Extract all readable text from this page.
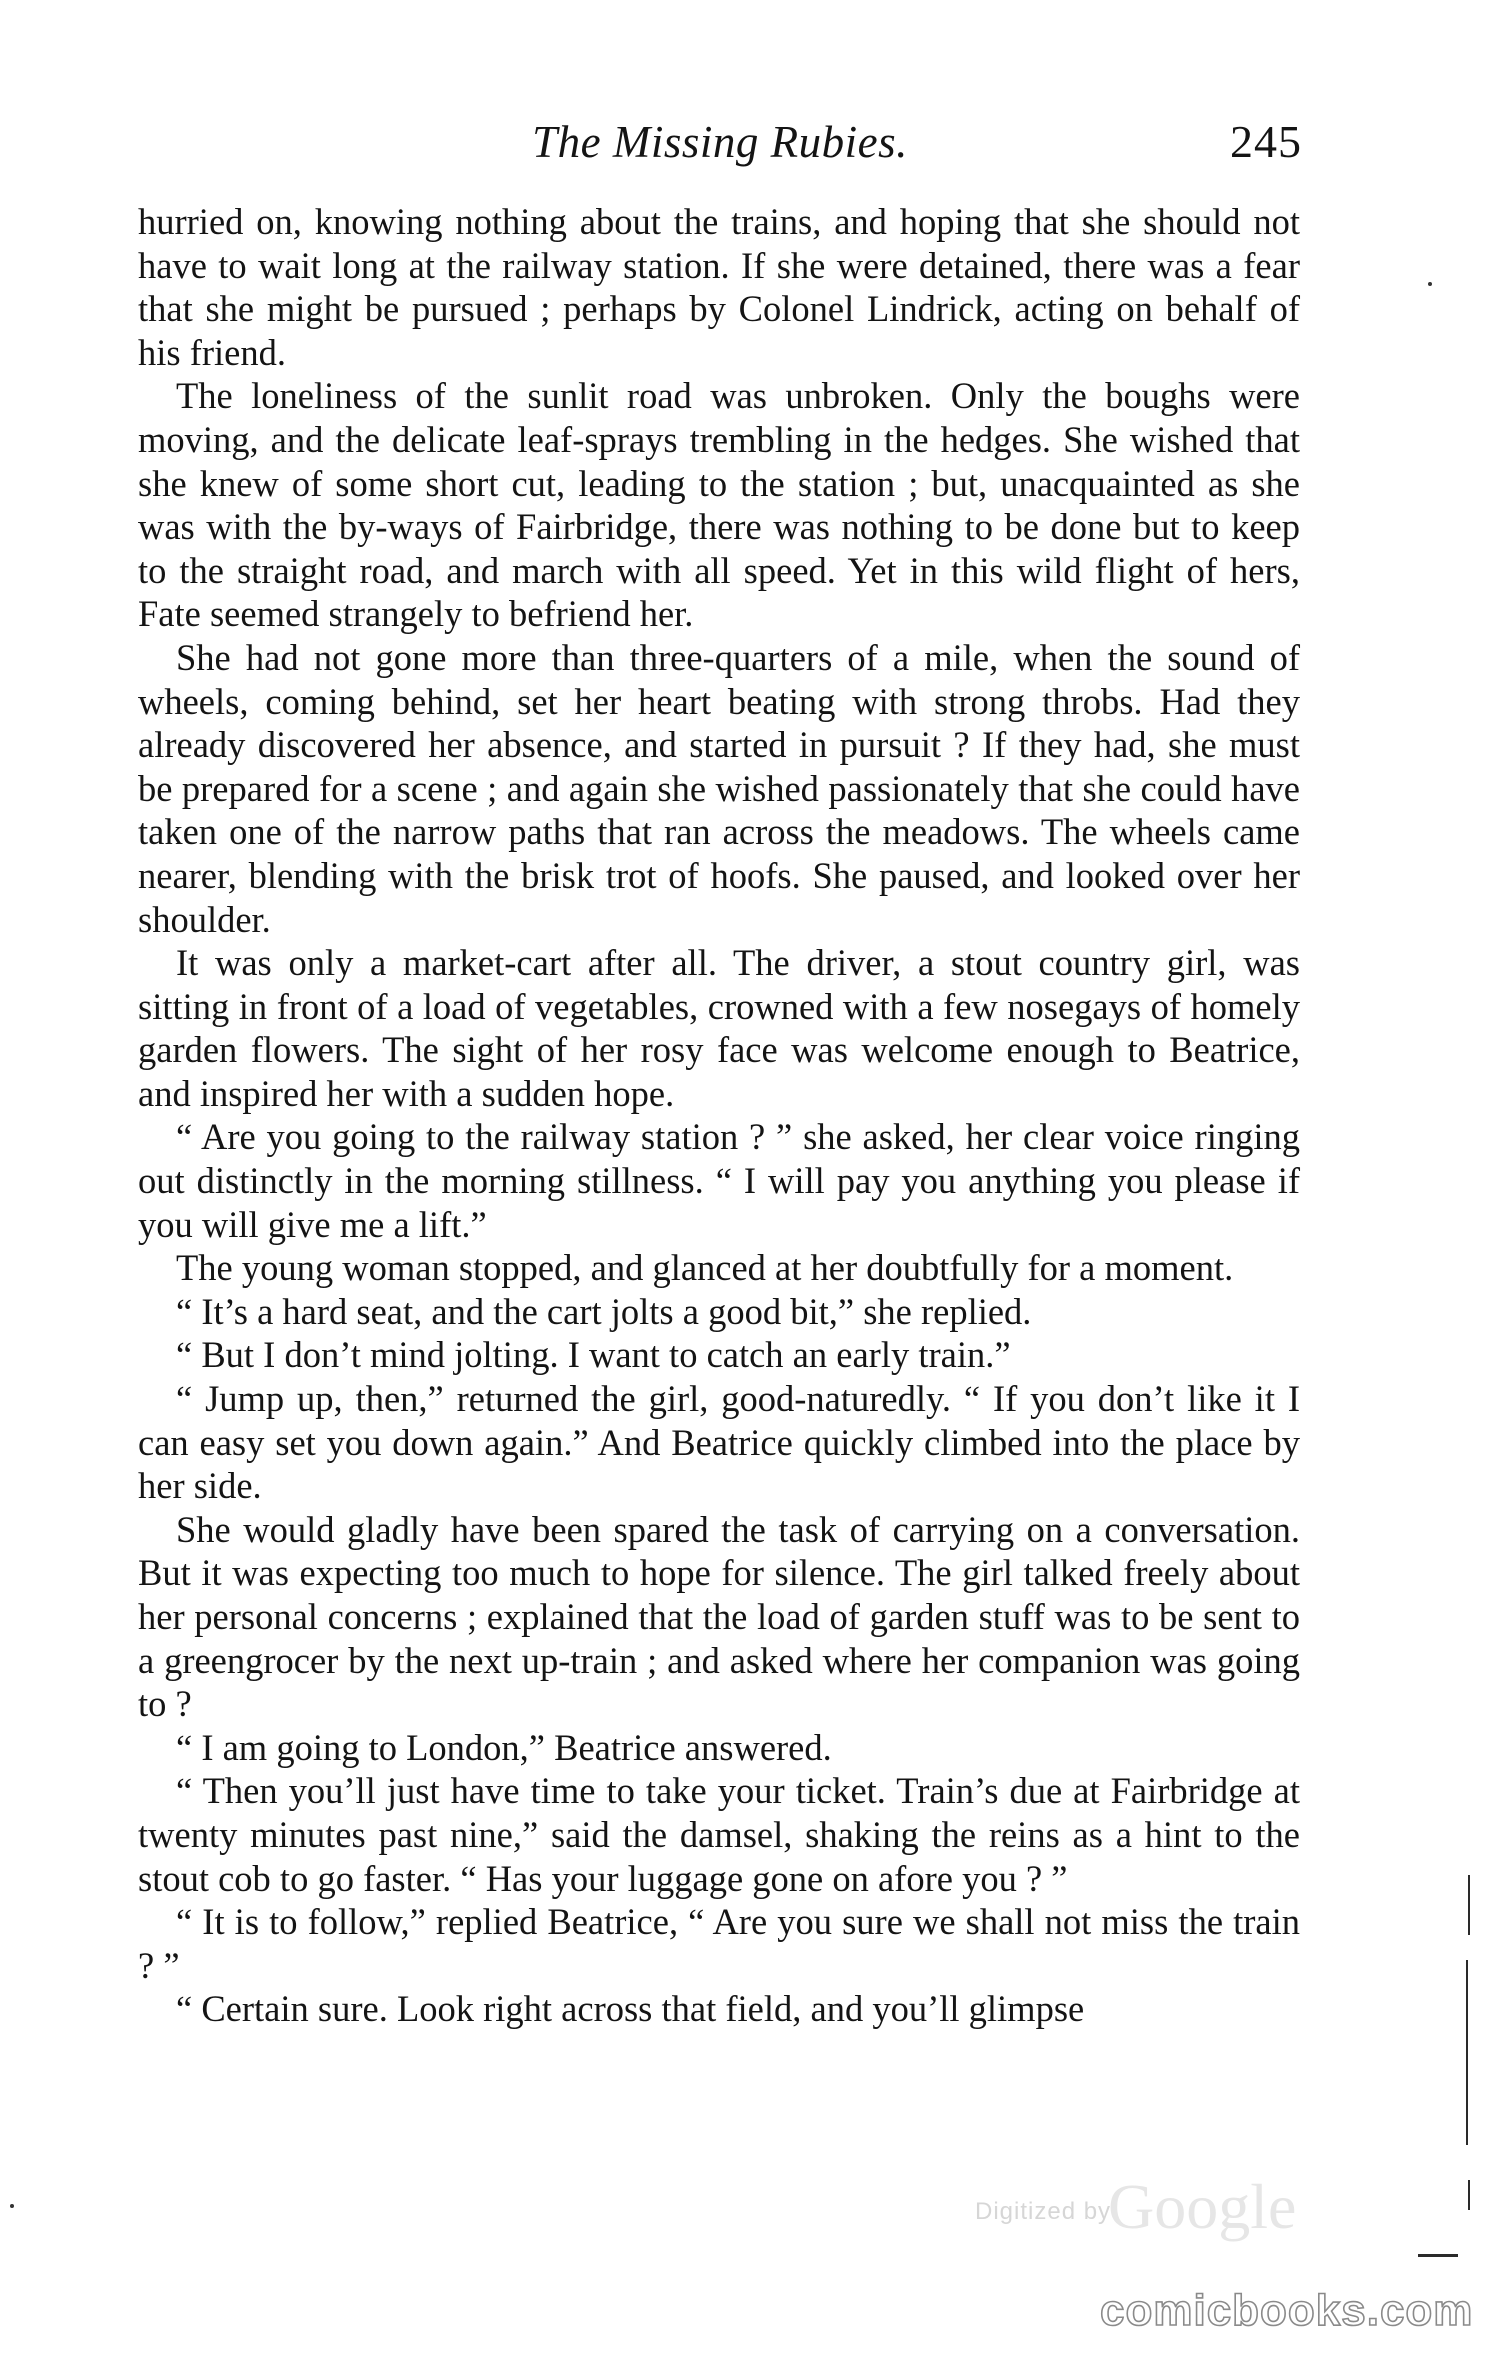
The Missing Rubies.	245

hurried on, knowing nothing about the trains, and hoping that she should not have to wait long at the railway station. If she were detained, there was a fear that she might be pursued ; perhaps by Colonel Lindrick, acting on behalf of his friend.

The loneliness of the sunlit road was unbroken. Only the boughs were moving, and the delicate leaf-sprays trembling in the hedges. She wished that she knew of some short cut, leading to the station ; but, unacquainted as she was with the by-ways of Fairbridge, there was nothing to be done but to keep to the straight road, and march with all speed. Yet in this wild flight of hers, Fate seemed strangely to befriend her.

She had not gone more than three-quarters of a mile, when the sound of wheels, coming behind, set her heart beating with strong throbs. Had they already discovered her absence, and started in pursuit ? If they had, she must be prepared for a scene ; and again she wished passionately that she could have taken one of the narrow paths that ran across the meadows. The wheels came nearer, blending with the brisk trot of hoofs. She paused, and looked over her shoulder.

It was only a market-cart after all. The driver, a stout country girl, was sitting in front of a load of vegetables, crowned with a few nosegays of homely garden flowers. The sight of her rosy face was welcome enough to Beatrice, and inspired her with a sudden hope.

“ Are you going to the railway station ? ” she asked, her clear voice ringing out distinctly in the morning stillness. “ I will pay you anything you please if you will give me a lift.”

The young woman stopped, and glanced at her doubtfully for a moment.

“ It’s a hard seat, and the cart jolts a good bit,” she replied.

“ But I don’t mind jolting. I want to catch an early train.”

“ Jump up, then,” returned the girl, good-naturedly. “ If you don’t like it I can easy set you down again.” And Beatrice quickly climbed into the place by her side.

She would gladly have been spared the task of carrying on a conversation. But it was expecting too much to hope for silence. The girl talked freely about her personal concerns ; explained that the load of garden stuff was to be sent to a greengrocer by the next up-train ; and asked where her companion was going to ?

“ I am going to London,” Beatrice answered.

“ Then you’ll just have time to take your ticket. Train’s due at Fairbridge at twenty minutes past nine,” said the damsel, shaking the reins as a hint to the stout cob to go faster. “ Has your luggage gone on afore you ? ”

“ It is to follow,” replied Beatrice, “ Are you sure we shall not miss the train ? ”

“ Certain sure. Look right across that field, and you’ll glimpse

Digitized by
Google
comicbooks.com
